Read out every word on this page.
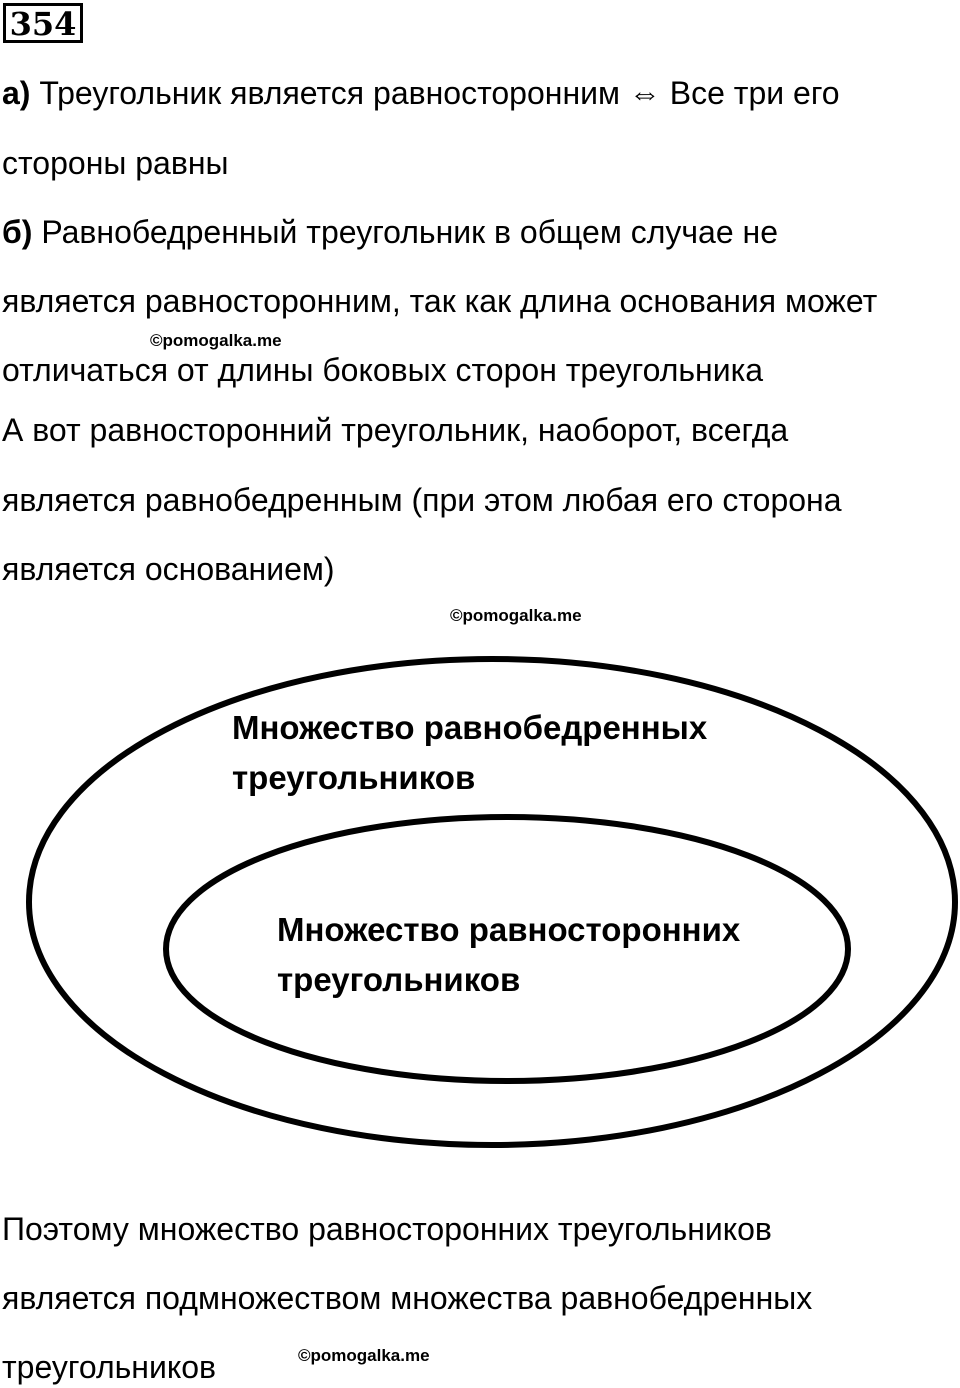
354
а) Треугольник является равносторонним ⇔ Все три его
стороны равны
б) Равнобедренный треугольник в общем случае не
является равносторонним, так как длина основания может
©pomogalka.me
отличаться от длины боковых сторон треугольника
А вот равносторонний треугольник, наоборот, всегда
является равнобедренным (при этом любая его сторона
является основанием)
©pomogalka.me
Множество равнобедренных
треугольников
Множество равносторонних
треугольников
Поэтому множество равносторонних треугольников
является подмножеством множества равнобедренных
треугольников	©pomogalka.me
